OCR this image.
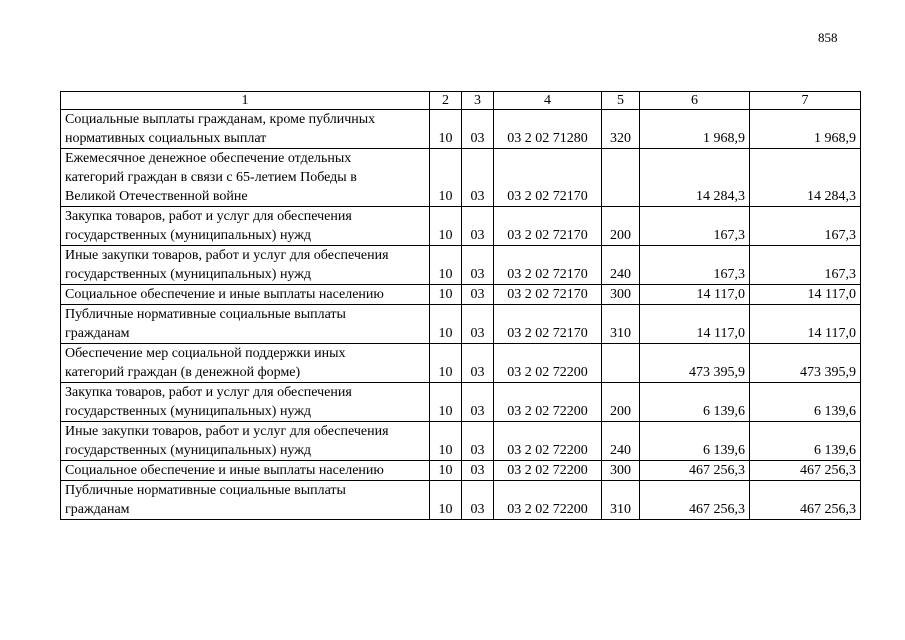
858
1	2	3	4	5	6	7

Социальные выплаты гражданам, кроме публичных
нормативных социальных выплат	10	03	03 2 02 71280	320	1 968,9	1 968,9

Ежемесячное денежное обеспечение отдельных
категорий граждан в связи с 65-летием Победы в
Великой Отечественной войне	10	03	03 2 02 72170		14 284,3	14 284,3

Закупка товаров, работ и услуг для обеспечения
государственных (муниципальных) нужд	10	03	03 2 02 72170	200	167,3	167,3

Иные закупки товаров, работ и услуг для обеспечения
государственных (муниципальных) нужд	10	03	03 2 02 72170	240	167,3	167,3

Социальное обеспечение и иные выплаты населению	10	03	03 2 02 72170	300	14 117,0	14 117,0

Публичные нормативные социальные выплаты
гражданам	10	03	03 2 02 72170	310	14 117,0	14 117,0

Обеспечение мер социальной поддержки иных
категорий граждан (в денежной форме)	10	03	03 2 02 72200		473 395,9	473 395,9

Закупка товаров, работ и услуг для обеспечения
государственных (муниципальных) нужд	10	03	03 2 02 72200	200	6 139,6	6 139,6

Иные закупки товаров, работ и услуг для обеспечения
государственных (муниципальных) нужд	10	03	03 2 02 72200	240	6 139,6	6 139,6

Социальное обеспечение и иные выплаты населению	10	03	03 2 02 72200	300	467 256,3	467 256,3

Публичные нормативные социальные выплаты
гражданам	10	03	03 2 02 72200	310	467 256,3	467 256,3
